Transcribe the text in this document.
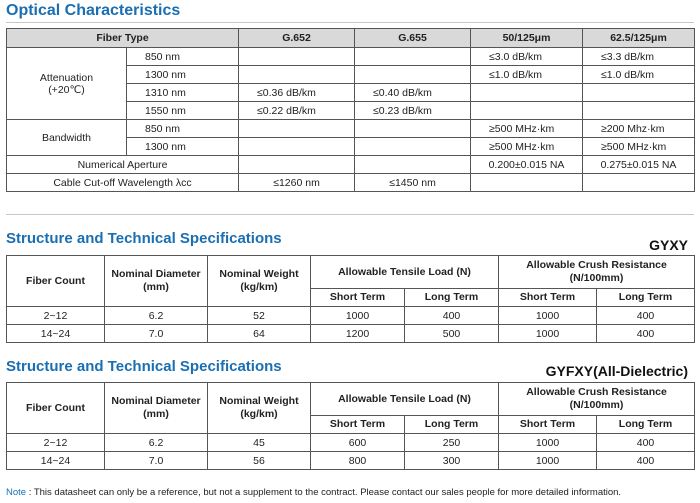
Optical Characteristics
Fiber Type		G.652	G.655	50/125μm	62.5/125μm

Attenuation
(+20℃)	850 nm			≤3.0 dB/km	≤3.3 dB/km
	1300 nm			≤1.0 dB/km	≤1.0 dB/km
	1310 nm	≤0.36 dB/km	≤0.40 dB/km		
	1550 nm	≤0.22 dB/km	≤0.23 dB/km		
Bandwidth	850 nm			≥500 MHz·km	≥200 Mhz·km
	1300 nm			≥500 MHz·km	≥500 MHz·km
Numerical Aperture				0.200±0.015 NA	0.275±0.015 NA
Cable Cut-off Wavelength λcc		≤1260 nm	≤1450 nm		
Structure and Technical Specifications	GYXY
Fiber Count	Nominal Diameter (mm)	Nominal Weight (kg/km)	Allowable Tensile Load (N)		Allowable Crush Resistance (N/100mm)	
			Short Term	Long Term	Short Term	Long Term
2~12	6.2	52	1000	400	1000	400
14~24	7.0	64	1200	500	1000	400
Structure and Technical Specifications	GYFXY(All-Dielectric)
Fiber Count	Nominal Diameter (mm)	Nominal Weight (kg/km)	Allowable Tensile Load (N)		Allowable Crush Resistance (N/100mm)	
			Short Term	Long Term	Short Term	Long Term
2~12	6.2	45	600	250	1000	400
14~24	7.0	56	800	300	1000	400
Note : This datasheet can only be a reference, but not a supplement to the contract. Please contact our sales people for more detailed information.
